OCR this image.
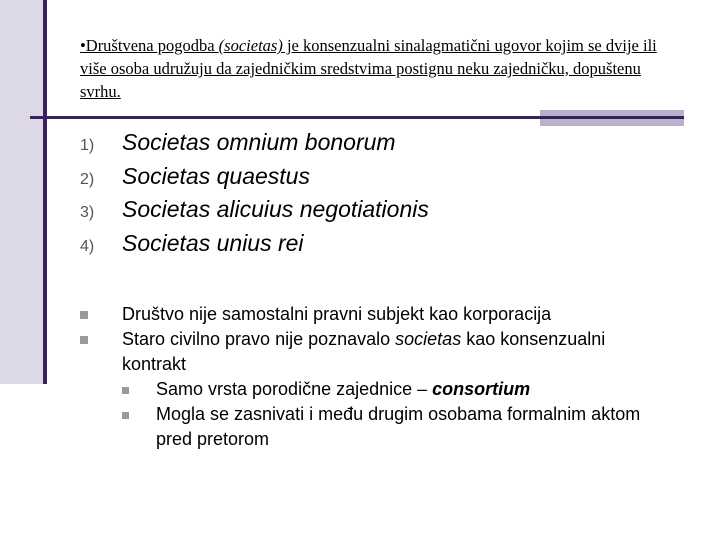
•Društvena pogodba (societas) je konsenzualni sinalagmatični ugovor kojim se dvije ili više osoba udružuju da zajedničkim sredstvima postignu neku zajedničku, dopuštenu svrhu.
1)	Societas omnium bonorum
2)	Societas quaestus
3)	Societas alicuius negotiationis
4)	Societas unius rei
Društvo nije samostalni pravni subjekt kao korporacija
Staro civilno pravo nije poznavalo societas kao konsenzualni kontrakt
Samo vrsta porodične zajednice – consortium
Mogla se zasnivati i među drugim osobama formalnim aktom pred pretorom
